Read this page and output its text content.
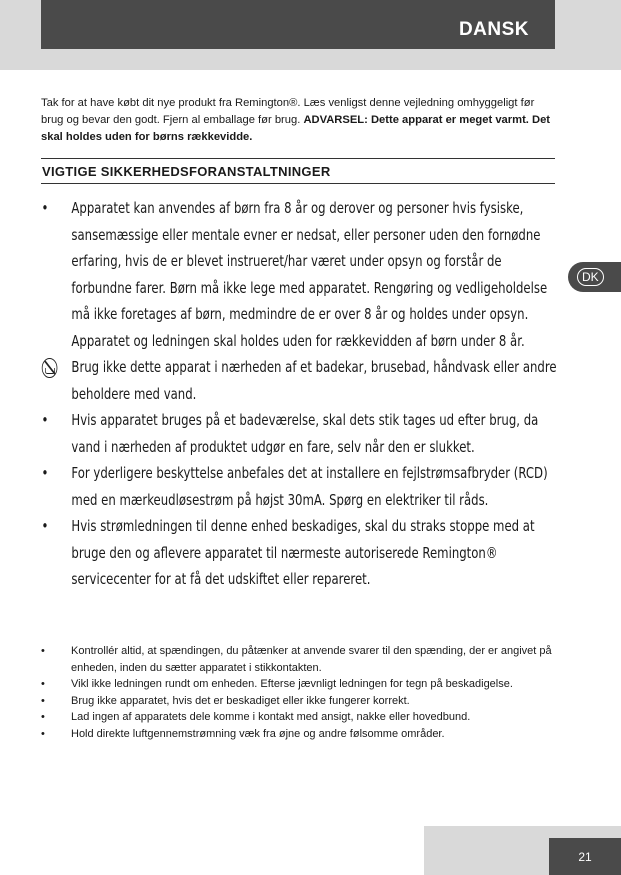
DANSK
Tak for at have købt dit nye produkt fra Remington®. Læs venligst denne vejledning omhyggeligt før brug og bevar den godt. Fjern al emballage før brug. ADVARSEL: Dette apparat er meget varmt. Det skal holdes uden for børns rækkevidde.
VIGTIGE SIKKERHEDSFORANSTALTNINGER
• Apparatet kan anvendes af børn fra 8 år og derover og personer hvis fysiske, sansemæssige eller mentale evner er nedsat, eller personer uden den fornødne erfaring, hvis de er blevet instrueret/har været under opsyn og forstår de forbundne farer. Børn må ikke lege med apparatet. Rengøring og vedligeholdelse må ikke foretages af børn, medmindre de er over 8 år og holdes under opsyn. Apparatet og ledningen skal holdes uden for rækkevidden af børn under 8 år.
Brug ikke dette apparat i nærheden af et badekar, brusebad, håndvask eller andre beholdere med vand.
• Hvis apparatet bruges på et badeværelse, skal dets stik tages ud efter brug, da vand i nærheden af produktet udgør en fare, selv når den er slukket.
• For yderligere beskyttelse anbefales det at installere en fejlstrømsafbryder (RCD) med en mærkeudløsestrøm på højst 30mA. Spørg en elektriker til råds.
• Hvis strømledningen til denne enhed beskadiges, skal du straks stoppe med at bruge den og aflevere apparatet til nærmeste autoriserede Remington® servicecenter for at få det udskiftet eller repareret.
• Kontrollér altid, at spændingen, du påtænker at anvende svarer til den spænding, der er angivet på enheden, inden du sætter apparatet i stikkontakten.
• Vikl ikke ledningen rundt om enheden. Efterse jævnligt ledningen for tegn på beskadigelse.
• Brug ikke apparatet, hvis det er beskadiget eller ikke fungerer korrekt.
• Lad ingen af apparatets dele komme i kontakt med ansigt, nakke eller hovedbund.
• Hold direkte luftgennemstrømning væk fra øjne og andre følsomme områder.
DK
21
